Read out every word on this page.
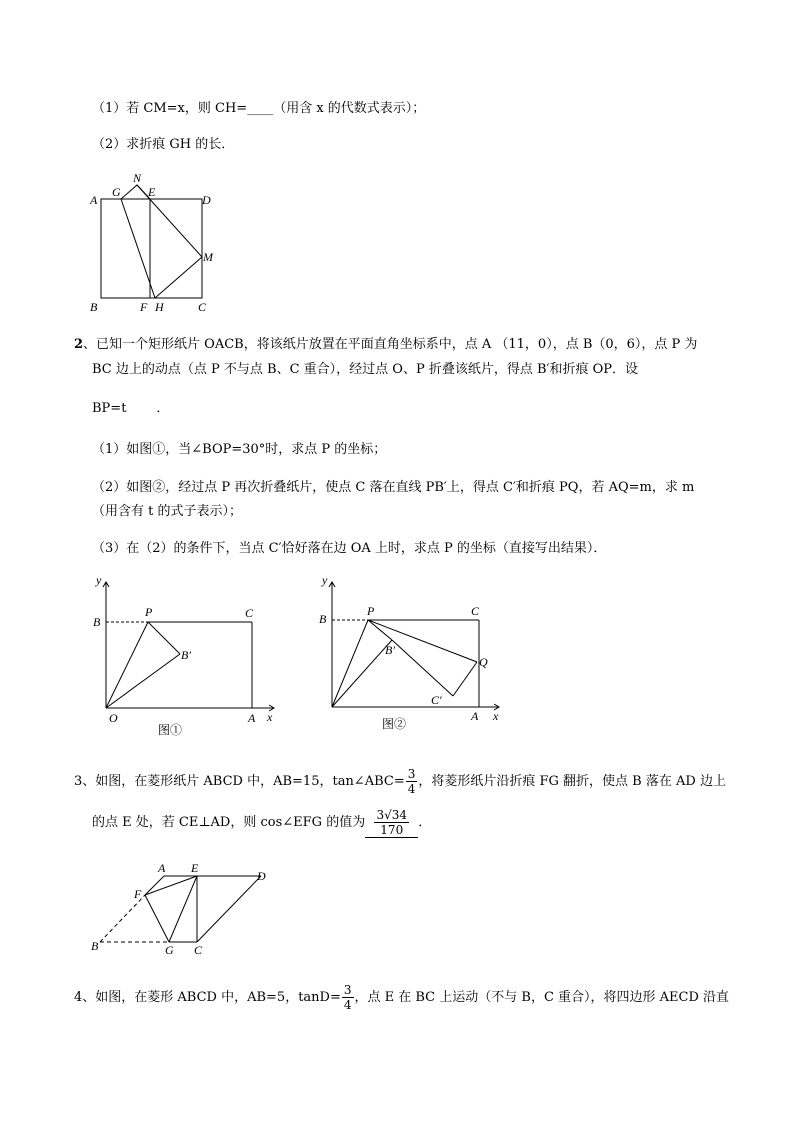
（1）若 CM=x，则 CH=____（用含 x 的代数式表示）；
（2）求折痕 GH 的长．
A
G
N
E
D
M
B	F H	C
2、已知一个矩形纸片 OACB，将该纸片放置在平面直角坐标系中，点 A （11，0），点 B（0，6），点 P 为
BC 边上的动点（点 P 不与点 B、C 重合），经过点 O、P 折叠该纸片，得点 B′和折痕 OP．设
BP=t ．
（1）如图①，当∠BOP=30°时，求点 P 的坐标；
（2）如图②，经过点 P 再次折叠纸片，使点 C 落在直线 PB′上，得点 C′和折痕 PQ，若 AQ=m，求 m
（用含有 t 的式子表示）；
（3）在（2）的条件下，当点 C′恰好落在边 OA 上时，求点 P 的坐标（直接写出结果）．
y
x
B
P	C
B′
O	A
图①
y
x
B
P	C
B′
Q
C′
A
图②
3、如图，在菱形纸片 ABCD 中，AB=15，tan∠ABC= $\frac{3}{4}$ ，将菱形纸片沿折痕 FG 翻折，使点 B 落在 AD 边上
的点 E 处，若 CE⊥AD，则 cos∠EFG 的值为 $\frac{3√34}{170}$ ．
A E
D
F
B	G C
4、如图，在菱形 ABCD 中，AB=5，$\tan D= \frac{3}{4}$ ，点 E 在 BC 上运动（不与 B，C 重合），将四边形 AECD 沿直
